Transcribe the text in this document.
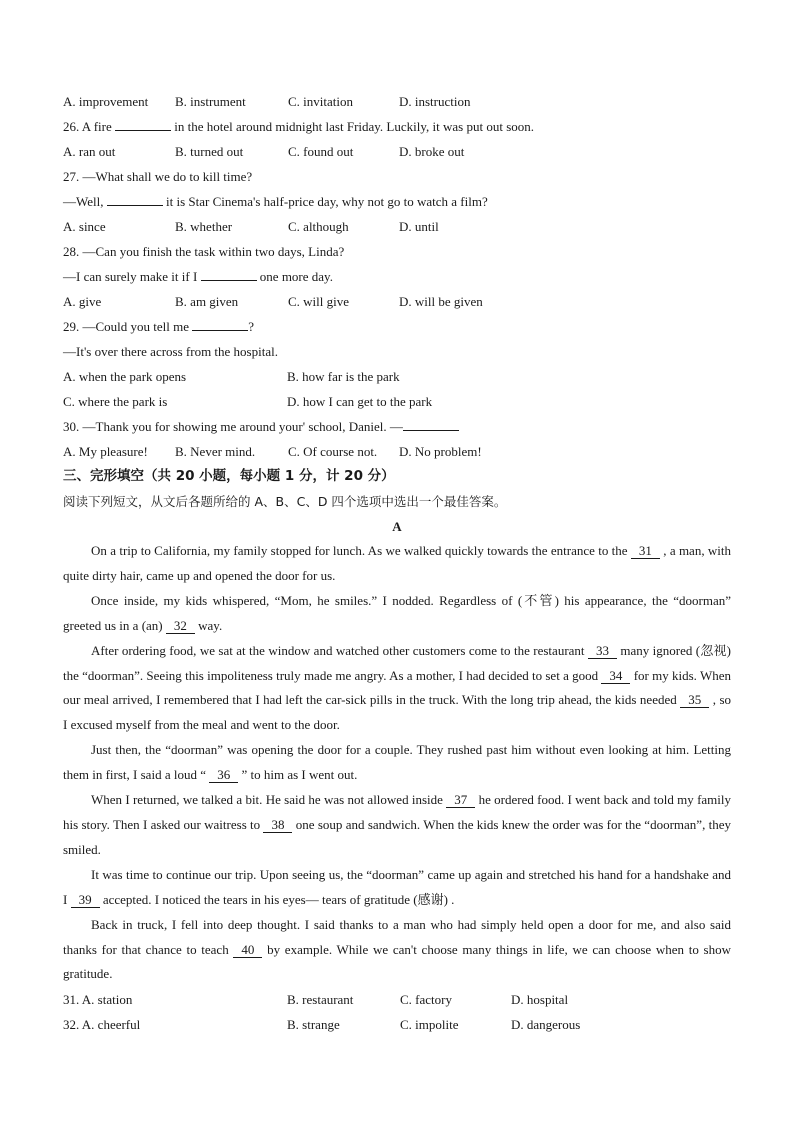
A. improvement B. instrument	C. invitation	D. instruction
26. A fire	in the hotel around midnight last Friday. Luckily, it was put out soon.
A. ran out	B. turned out	C. found out	D. broke out
27. —What shall we do to kill time?
—Well,	it is Star Cinema's half-price day, why not go to watch a film?
A. since	B. whether	C. although	D. until
28. —Can you finish the task within two days, Linda?
—I can surely make it if I	one more day.
A. give	B. am given	C. will give	D. will be given
29. —Could you tell me	?
—It's over there across from the hospital.
A. when the park opens	B. how far is the park
C. where the park is	D. how I can get to the park
30. —Thank you for showing me around your' school, Daniel. —
A. My pleasure! B. Never mind.	C. Of course not. D. No problem!
三、完形填空（共 20 小题，每小题 1 分，计 20 分）
阅读下列短文，从文后各题所给的 A、B、C、D 四个选项中选出一个最佳答案。
A

On a trip to California, my family stopped for lunch. As we walked quickly towards the entrance to the 31 , a man, with quite dirty hair, came up and opened the door for us.

Once inside, my kids whispered, “Mom, he smiles.” I nodded. Regardless of (不管) his appearance, the “doorman” greeted us in a (an) 32 way.

After ordering food, we sat at the window and watched other customers come to the restaurant 33 many ignored (忽视) the “doorman”. Seeing this impoliteness truly made me angry. As a mother, I had decided to set a good 34 for my kids. When our meal arrived, I remembered that I had left the car-sick pills in the truck. With the long trip ahead, the kids needed 35 , so I excused myself from the meal and went to the door.

Just then, the “doorman” was opening the door for a couple. They rushed past him without even looking at him. Letting them in first, I said a loud “ 36 ” to him as I went out.

When I returned, we talked a bit. He said he was not allowed inside 37 he ordered food. I went back and told my family his story. Then I asked our waitress to 38 one soup and sandwich. When the kids knew the order was for the “doorman”, they smiled.

It was time to continue our trip. Upon seeing us, the “doorman” came up again and stretched his hand for a handshake and I 39 accepted. I noticed the tears in his eyes— tears of gratitude (感谢) .

Back in truck, I fell into deep thought. I said thanks to a man who had simply held open a door for me, and also said thanks for that chance to teach 40 by example. While we can't choose many things in life, we can choose when to show gratitude.

31. A. station	B. restaurant	C. factory	D. hospital
32. A. cheerful	B. strange	C. impolite	D. dangerous
